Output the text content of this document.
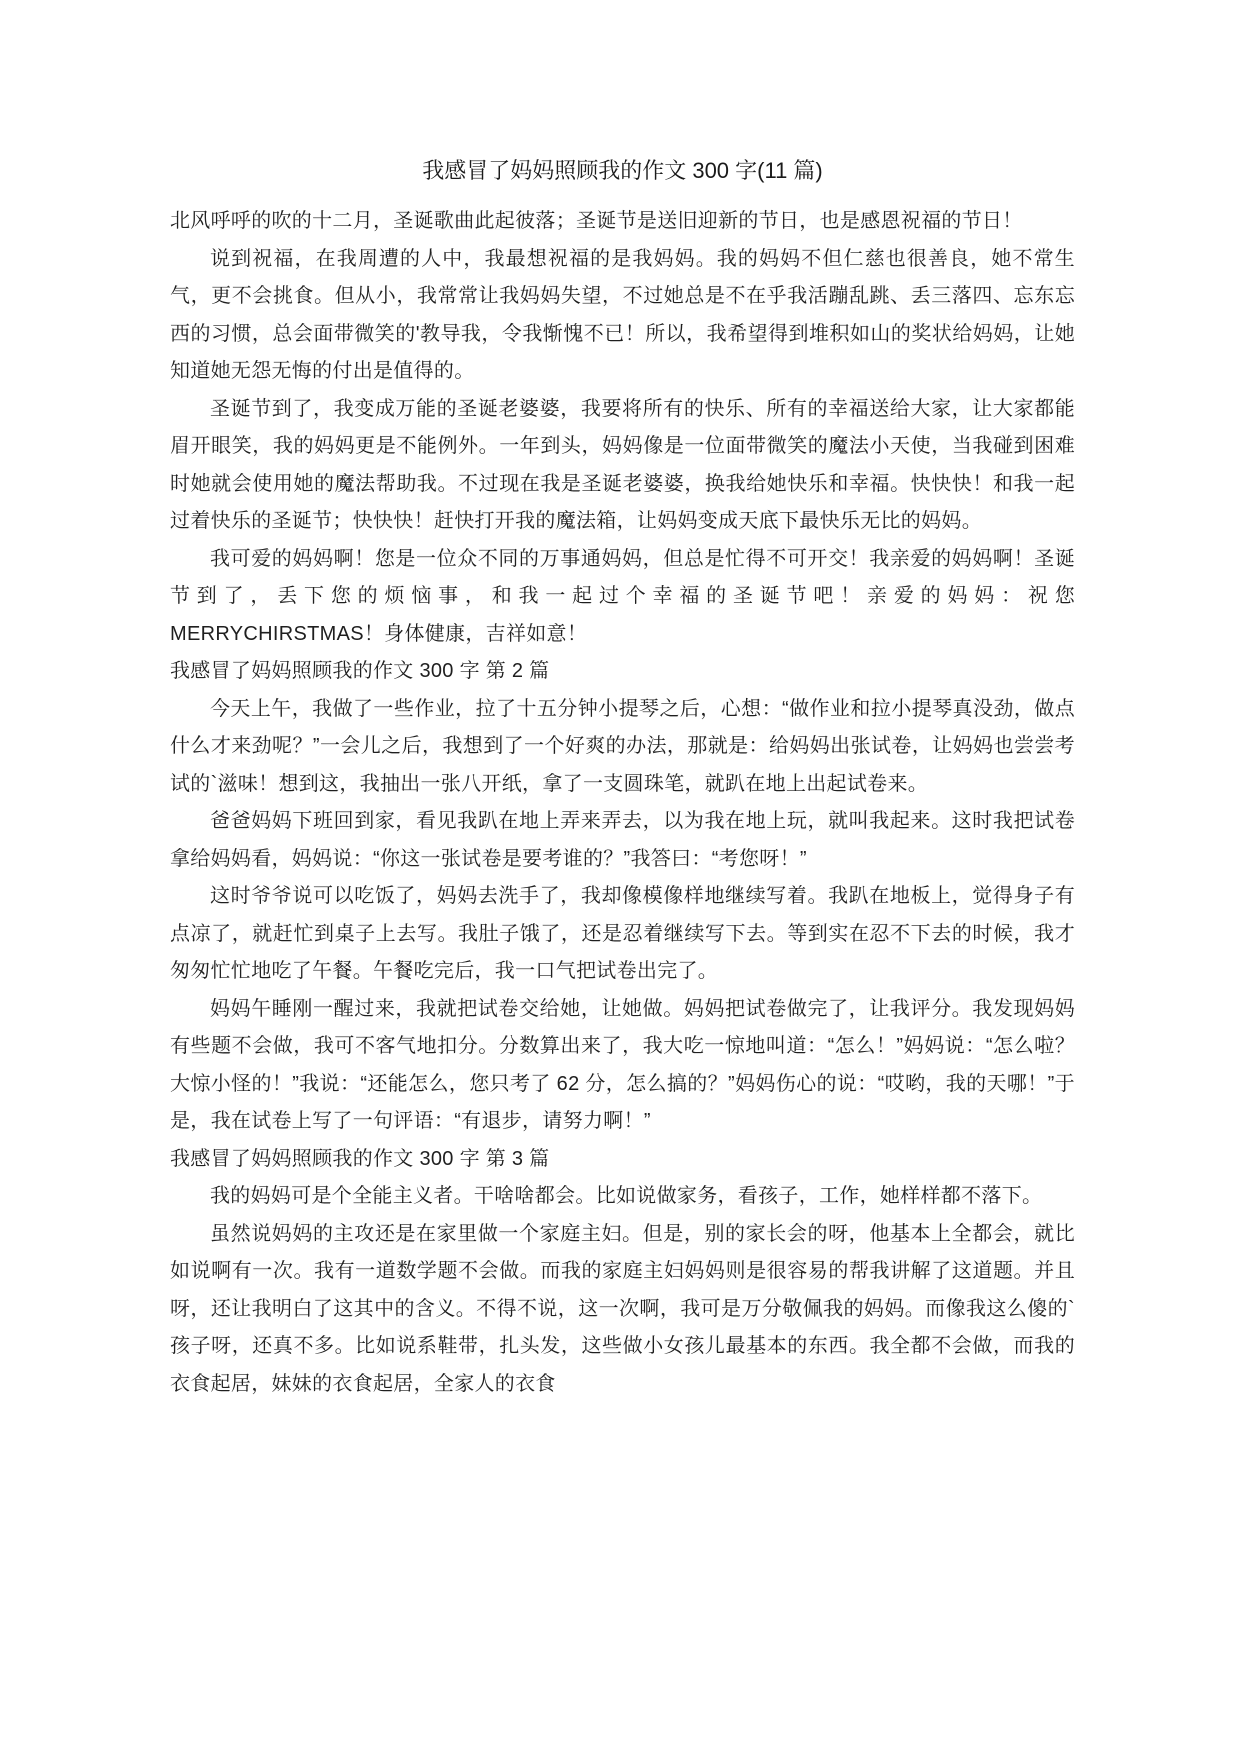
我感冒了妈妈照顾我的作文 300 字(11 篇)

北风呼呼的吹的十二月，圣诞歌曲此起彼落；圣诞节是送旧迎新的节日，也是感恩祝福的节日！

说到祝福，在我周遭的人中，我最想祝福的是我妈妈。我的妈妈不但仁慈也很善良，她不常生气，更不会挑食。但从小，我常常让我妈妈失望，不过她总是不在乎我活蹦乱跳、丢三落四、忘东忘西的习惯，总会面带微笑的'教导我，令我惭愧不已！所以，我希望得到堆积如山的奖状给妈妈，让她知道她无怨无悔的付出是值得的。

圣诞节到了，我变成万能的圣诞老婆婆，我要将所有的快乐、所有的幸福送给大家，让大家都能眉开眼笑，我的妈妈更是不能例外。一年到头，妈妈像是一位面带微笑的魔法小天使，当我碰到困难时她就会使用她的魔法帮助我。不过现在我是圣诞老婆婆，换我给她快乐和幸福。快快快！和我一起过着快乐的圣诞节；快快快！赶快打开我的魔法箱，让妈妈变成天底下最快乐无比的妈妈。

我可爱的妈妈啊！您是一位众不同的万事通妈妈，但总是忙得不可开交！我亲爱的妈妈啊！圣诞节到了，丢下您的烦恼事，和我一起过个幸福的圣诞节吧！亲爱的妈妈：祝您 MERRYCHIRSTMAS！身体健康，吉祥如意！

我感冒了妈妈照顾我的作文 300 字 第 2 篇

今天上午，我做了一些作业，拉了十五分钟小提琴之后，心想：“做作业和拉小提琴真没劲，做点什么才来劲呢？”一会儿之后，我想到了一个好爽的办法，那就是：给妈妈出张试卷，让妈妈也尝尝考试的`滋味！想到这，我抽出一张八开纸，拿了一支圆珠笔，就趴在地上出起试卷来。

爸爸妈妈下班回到家，看见我趴在地上弄来弄去，以为我在地上玩，就叫我起来。这时我把试卷拿给妈妈看，妈妈说：“你这一张试卷是要考谁的？”我答曰：“考您呀！”

这时爷爷说可以吃饭了，妈妈去洗手了，我却像模像样地继续写着。我趴在地板上，觉得身子有点凉了，就赶忙到桌子上去写。我肚子饿了，还是忍着继续写下去。等到实在忍不下去的时候，我才匆匆忙忙地吃了午餐。午餐吃完后，我一口气把试卷出完了。

妈妈午睡刚一醒过来，我就把试卷交给她，让她做。妈妈把试卷做完了，让我评分。我发现妈妈有些题不会做，我可不客气地扣分。分数算出来了，我大吃一惊地叫道：“怎么！”妈妈说：“怎么啦？大惊小怪的！”我说：“还能怎么，您只考了 62 分，怎么搞的？”妈妈伤心的说：“哎哟，我的天哪！”于是，我在试卷上写了一句评语：“有退步，请努力啊！”

我感冒了妈妈照顾我的作文 300 字 第 3 篇

我的妈妈可是个全能主义者。干啥啥都会。比如说做家务，看孩子，工作，她样样都不落下。

虽然说妈妈的主攻还是在家里做一个家庭主妇。但是，别的家长会的呀，他基本上全都会，就比如说啊有一次。我有一道数学题不会做。而我的家庭主妇妈妈则是很容易的帮我讲解了这道题。并且呀，还让我明白了这其中的含义。不得不说，这一次啊，我可是万分敬佩我的妈妈。而像我这么傻的`孩子呀，还真不多。比如说系鞋带，扎头发，这些做小女孩儿最基本的东西。我全都不会做，而我的衣食起居，妹妹的衣食起居，全家人的衣食
